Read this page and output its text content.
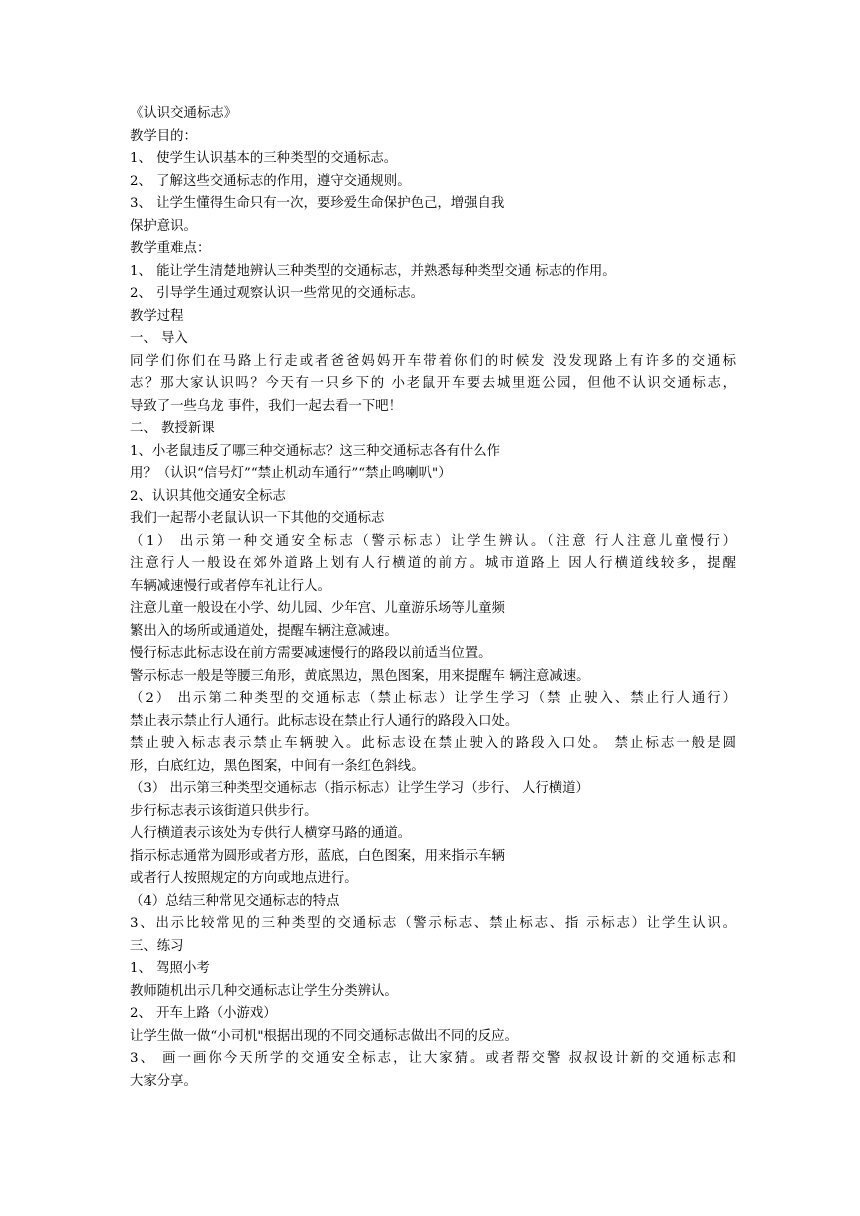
《认识交通标志》
教学目的：
1、 使学生认识基本的三种类型的交通标志。
2、 了解这些交通标志的作用，遵守交通规则。
3、 让学生懂得生命只有一次，要珍爱生命保护色己，增强自我
保护意识。
教学重难点：
1、 能让学生清楚地辨认三种类型的交通标志，并熟悉每种类型交通 标志的作用。
2、 引导学生通过观察认识一些常见的交通标志。
教学过程
一、 导入
同学们你们在马路上行走或者爸爸妈妈开车带着你们的时候发 没发现路上有许多的交通标
志？那大家认识吗？今天有一只乡下的 小老鼠开车要去城里逛公园，但他不认识交通标志，
导致了一些乌龙 事件，我们一起去看一下吧！
二、 教授新课
1、小老鼠违反了哪三种交通标志？这三种交通标志各有什么作
用？（认识“信号灯”“禁止机动车通行”“禁止鸣喇叭"）
2、认识其他交通安全标志
我们一起帮小老鼠认识一下其他的交通标志
（1） 出示第一种交通安全标志（警示标志）让学生辨认。（注意 行人注意儿童慢行）
注意行人一般设在郊外道路上划有人行横道的前方。城市道路上 因人行横道线较多，提醒
车辆减速慢行或者停车礼让行人。
注意儿童一般设在小学、幼儿园、少年宫、儿童游乐场等儿童频
繁出入的场所或通道处，提醒车辆注意减速。
慢行标志此标志设在前方需要减速慢行的路段以前适当位置。
警示标志一般是等腰三角形，黄底黑边，黑色图案，用来提醒车 辆注意减速。
（2） 出示第二种类型的交通标志（禁止标志）让学生学习（禁 止驶入、禁止行人通行）
禁止表示禁止行人通行。此标志设在禁止行人通行的路段入口处。
禁止驶入标志表示禁止车辆驶入。此标志设在禁止驶入的路段入口处。 禁止标志一般是圆
形，白底红边，黑色图案，中间有一条红色斜线。
（3） 出示第三种类型交通标志（指示标志）让学生学习（步行、 人行横道）
步行标志表示该街道只供步行。
人行横道表示该处为专供行人横穿马路的通道。
指示标志通常为圆形或者方形，蓝底，白色图案，用来指示车辆
或者行人按照规定的方向或地点进行。
（4）总结三种常见交通标志的特点
3、出示比较常见的三种类型的交通标志（警示标志、禁止标志、指 示标志）让学生认识。
三、练习
1、 驾照小考
教师随机出示几种交通标志让学生分类辨认。
2、 开车上路（小游戏）
让学生做一做“小司机"根据出现的不同交通标志做出不同的反应。
3、 画一画你今天所学的交通安全标志，让大家猜。或者帮交警 叔叔设计新的交通标志和
大家分享。
